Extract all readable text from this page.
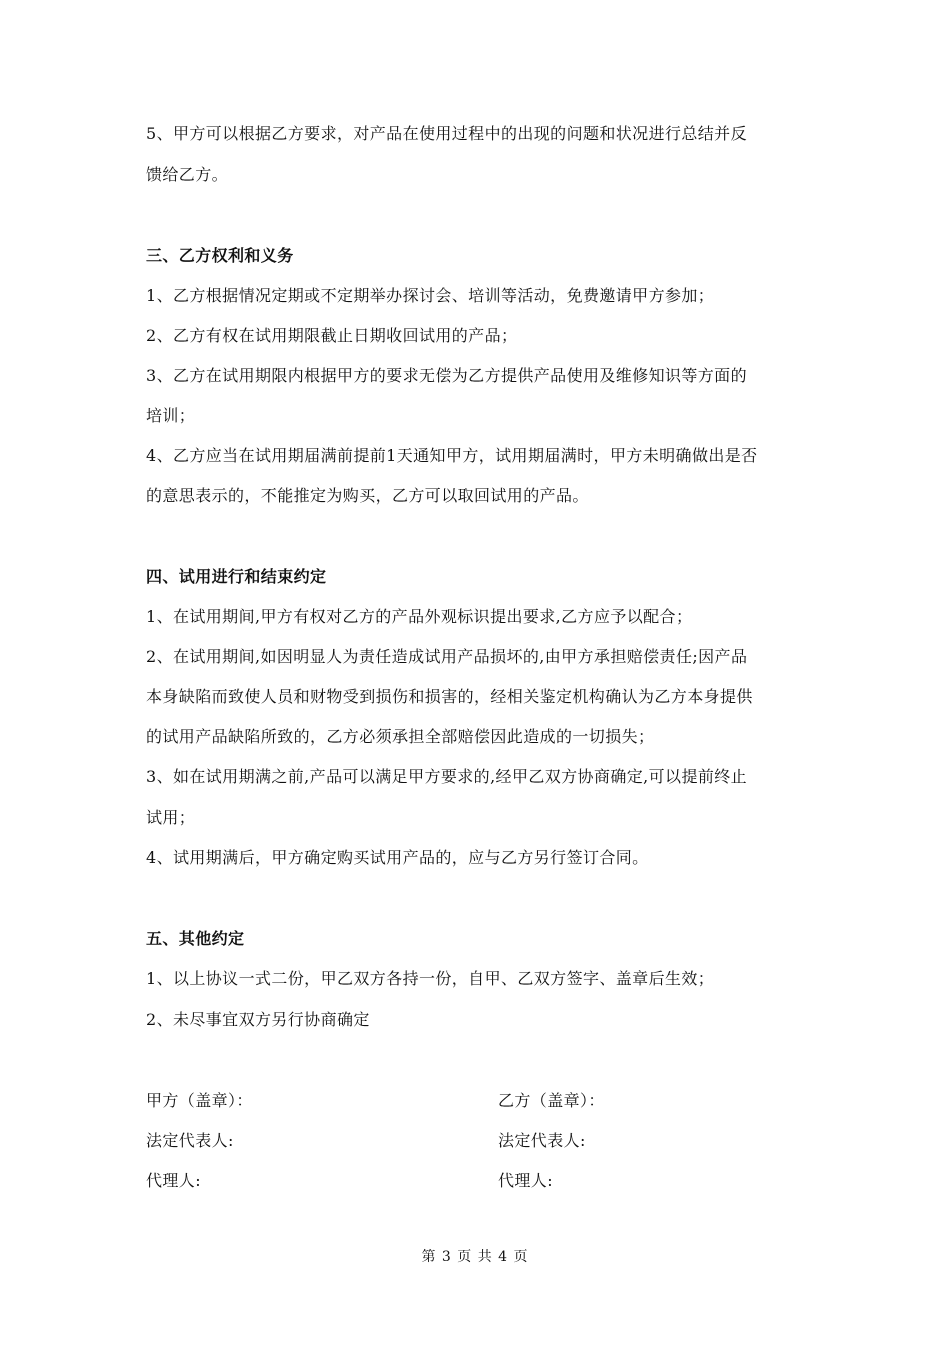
5、甲方可以根据乙方要求，对产品在使用过程中的出现的问题和状况进行总结并反
馈给乙方。
三、乙方权利和义务
1、乙方根据情况定期或不定期举办探讨会、培训等活动，免费邀请甲方参加；
2、乙方有权在试用期限截止日期收回试用的产品；
3、乙方在试用期限内根据甲方的要求无偿为乙方提供产品使用及维修知识等方面的
培训；
4、乙方应当在试用期届满前提前1天通知甲方，试用期届满时，甲方未明确做出是否
的意思表示的，不能推定为购买，乙方可以取回试用的产品。
四、试用进行和结束约定
1、在试用期间,甲方有权对乙方的产品外观标识提出要求,乙方应予以配合；
2、在试用期间,如因明显人为责任造成试用产品损坏的,由甲方承担赔偿责任;因产品
本身缺陷而致使人员和财物受到损伤和损害的，经相关鉴定机构确认为乙方本身提供
的试用产品缺陷所致的，乙方必须承担全部赔偿因此造成的一切损失；
3、如在试用期满之前,产品可以满足甲方要求的,经甲乙双方协商确定,可以提前终止
试用；
4、试用期满后，甲方确定购买试用产品的，应与乙方另行签订合同。
五、其他约定
1、以上协议一式二份，甲乙双方各持一份，自甲、乙双方签字、盖章后生效；
2、未尽事宜双方另行协商确定
甲方（盖章）：
法定代表人:
代理人:
乙方（盖章）：
法定代表人:
代理人:
第 3 页 共 4 页
